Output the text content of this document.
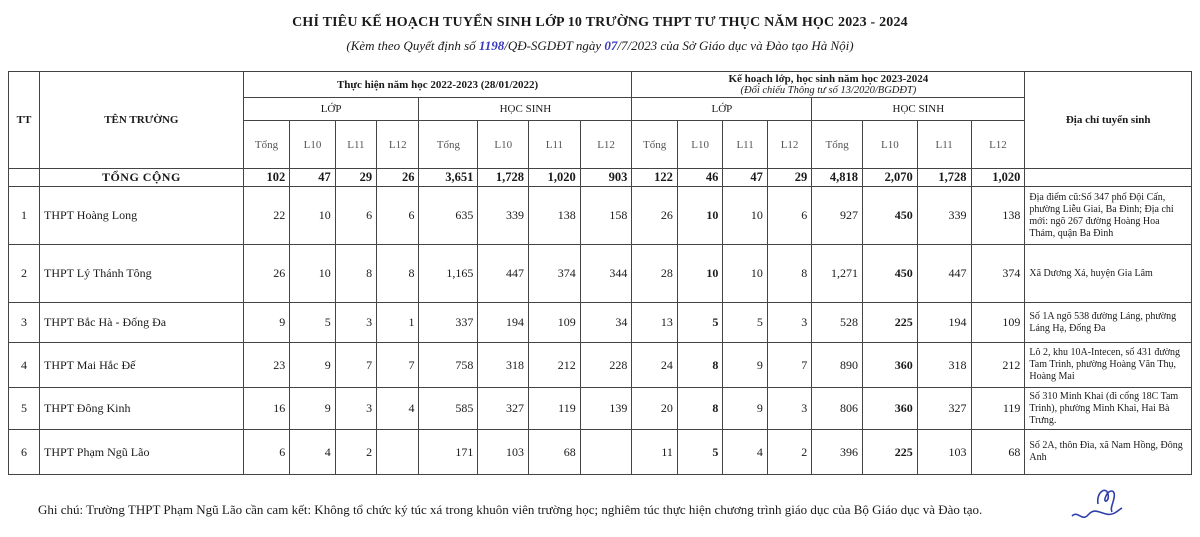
CHỈ TIÊU KẾ HOẠCH TUYỂN SINH LỚP 10 TRƯỜNG THPT TƯ THỤC NĂM HỌC 2023 - 2024
(Kèm theo Quyết định số 1198/QĐ-SGDĐT ngày 07/7/2023 của Sở Giáo dục và Đào tạo Hà Nội)
TT	TÊN TRƯỜNG	Thực hiện năm học 2022-2023 (28/01/2022)								Kế hoạch lớp, học sinh năm học 2023-2024
(Đối chiếu Thông tư số 13/2020/BGDĐT)								Địa chỉ tuyển sinh
		LỚP				HỌC SINH				LỚP				HỌC SINH				
		Tổng	L10	L11	L12	Tổng	L10	L11	L12	Tổng	L10	L11	L12	Tổng	L10	L11	L12	
	TỔNG CỘNG	102	47	29	26	3,651	1,728	1,020	903	122	46	47	29	4,818	2,070	1,728	1,020	
1	THPT Hoàng Long	22	10	6	6	635	339	138	158	26	10	10	6	927	450	339	138	Địa điểm cũ:Số 347 phố Đội Cấn, phường Liễu Giai, Ba Đình; Địa chỉ mới: ngõ 267 đường Hoàng Hoa Thám, quận Ba Đình
2	THPT Lý Thánh Tông	26	10	8	8	1,165	447	374	344	28	10	10	8	1,271	450	447	374	Xã Dương Xá, huyện Gia Lâm
3	THPT Bắc Hà - Đống Đa	9	5	3	1	337	194	109	34	13	5	5	3	528	225	194	109	Số 1A ngõ 538 đường Láng, phường Láng Hạ, Đống Đa
4	THPT Mai Hắc Đế	23	9	7	7	758	318	212	228	24	8	9	7	890	360	318	212	Lô 2, khu 10A-Intecen, số 431 đường Tam Trinh, phường Hoàng Văn Thụ, Hoàng Mai
5	THPT Đông Kinh	16	9	3	4	585	327	119	139	20	8	9	3	806	360	327	119	Số 310 Minh Khai (đi cổng 18C Tam Trinh), phường Minh Khai, Hai Bà Trưng.
6	THPT Phạm Ngũ Lão	6	4	2		171	103	68		11	5	4	2	396	225	103	68	Số 2A, thôn Đìa, xã Nam Hồng, Đông Anh
Ghi chú: Trường THPT Phạm Ngũ Lão cần cam kết: Không tổ chức ký túc xá trong khuôn viên trường học; nghiêm túc thực hiện chương trình giáo dục của Bộ Giáo dục và Đào tạo.
